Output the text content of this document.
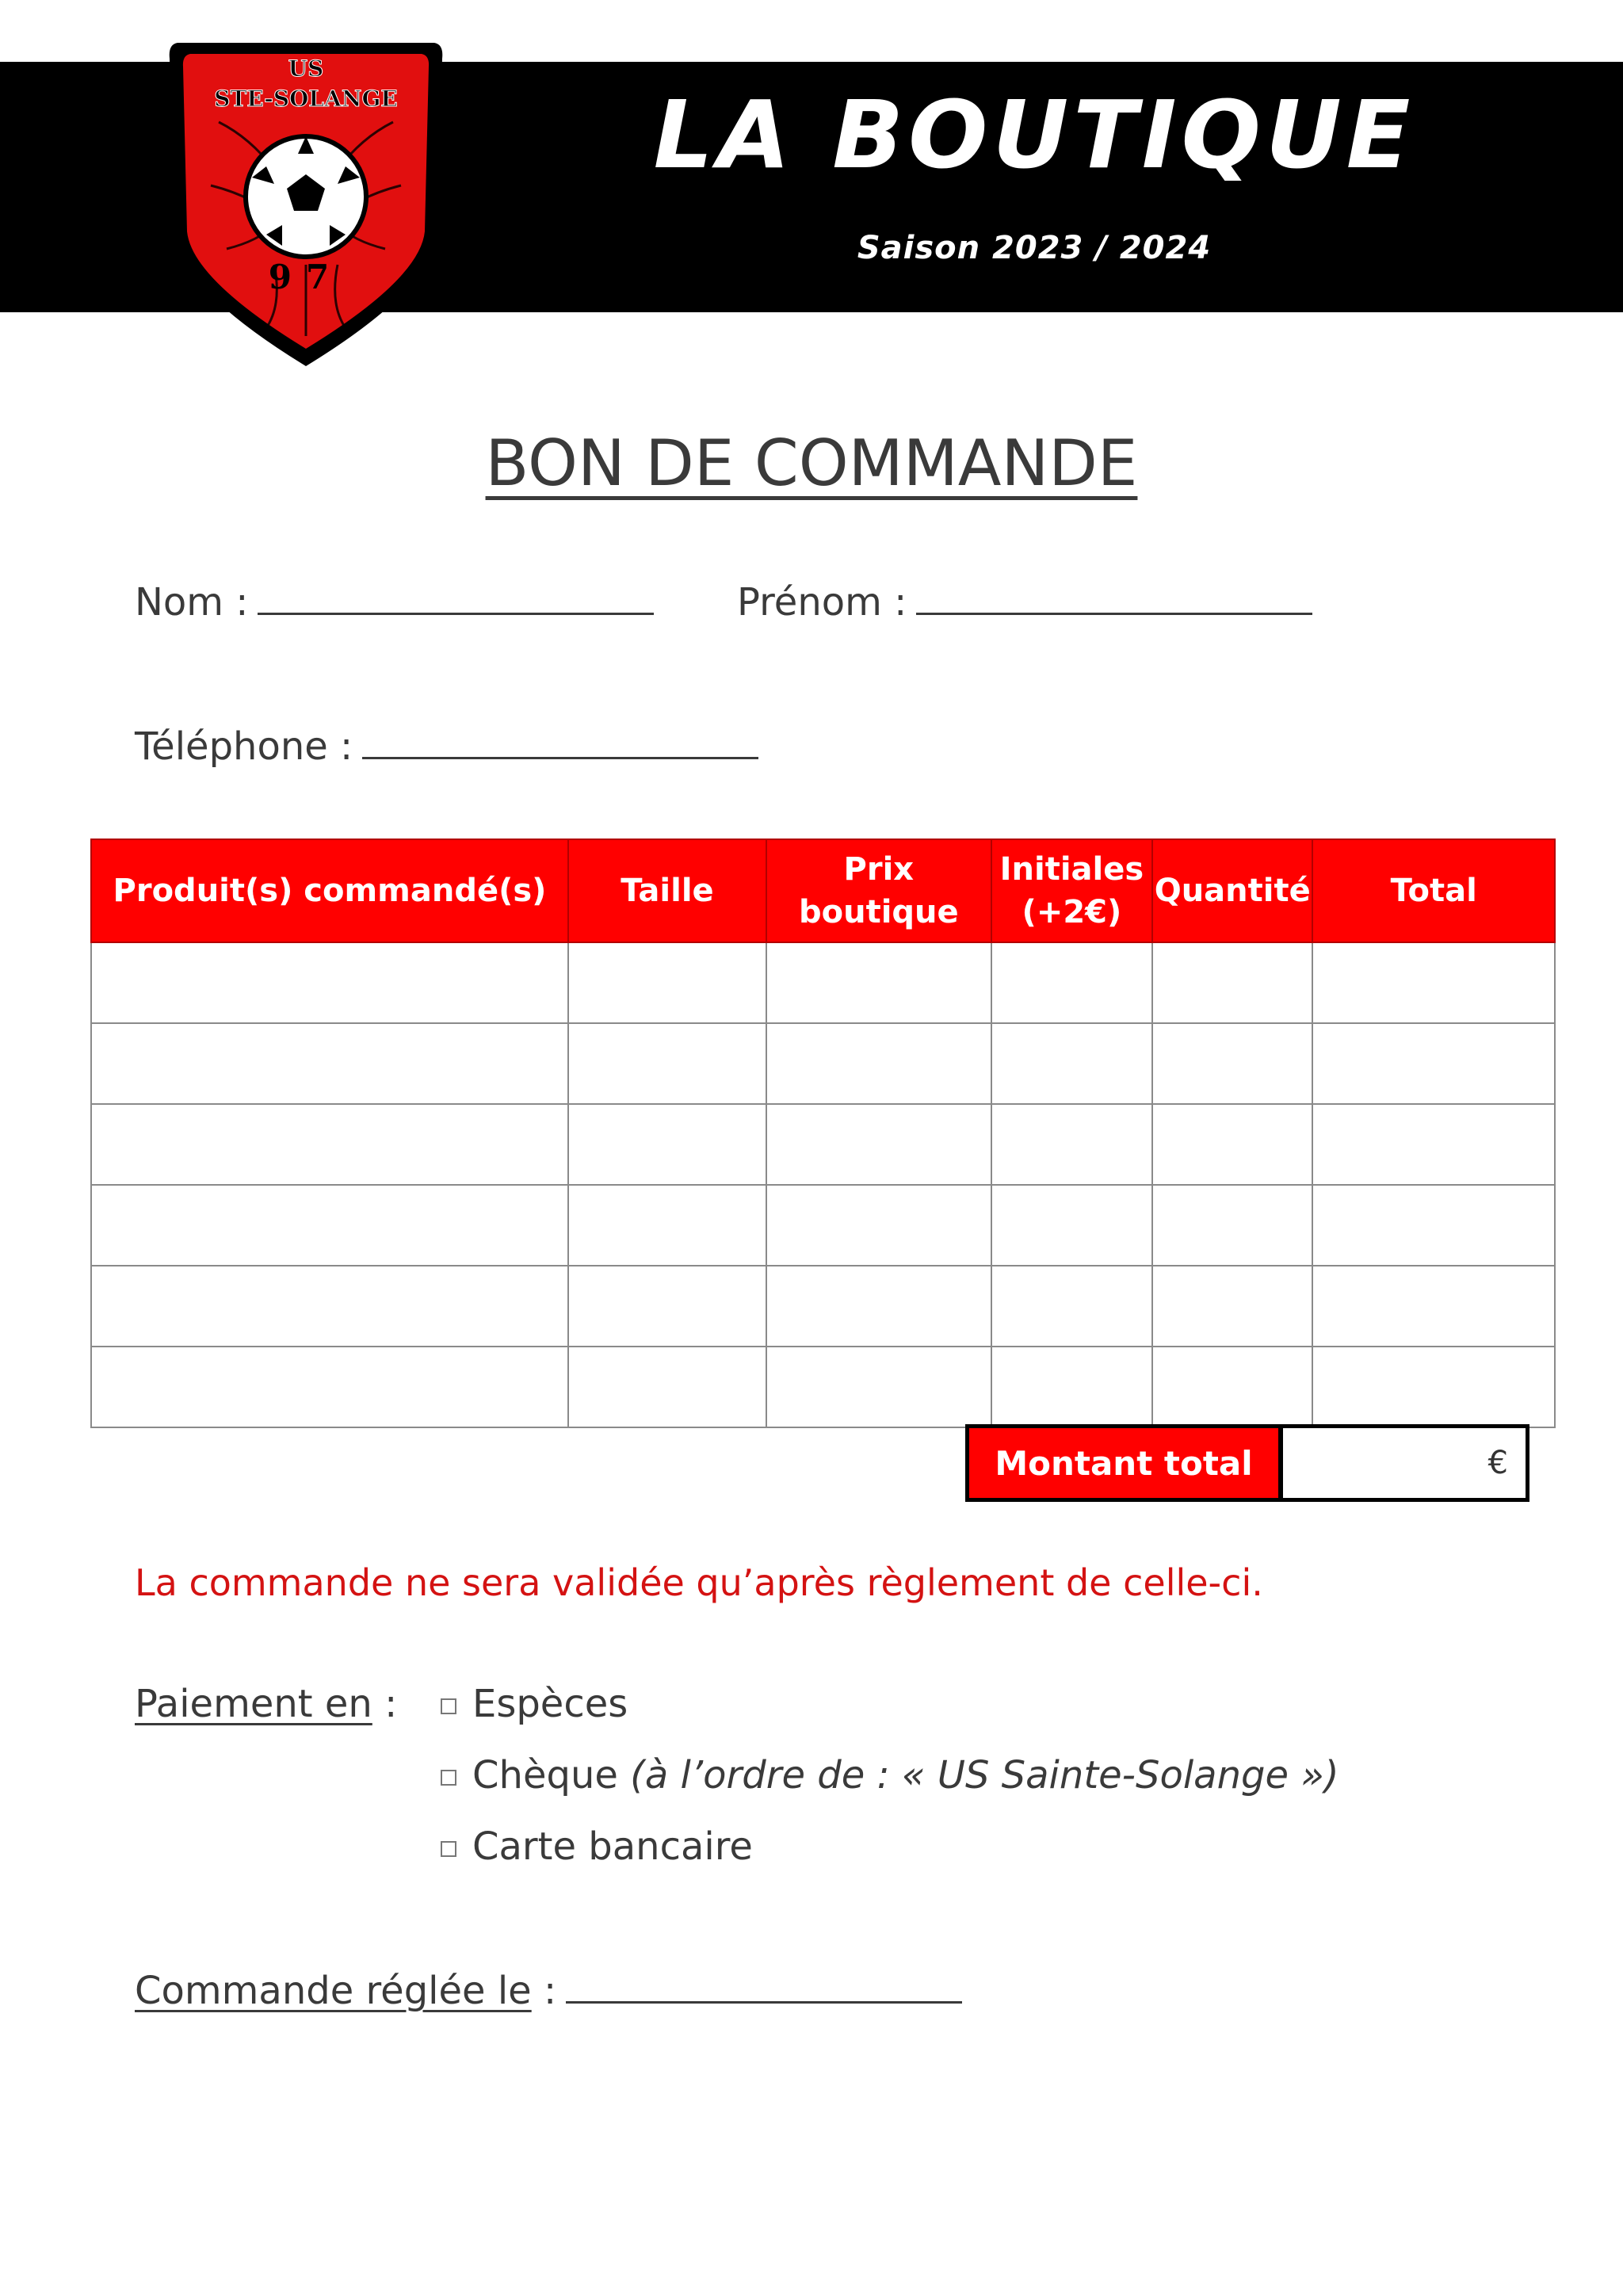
US
STE-SOLANGE
97
LA BOUTIQUE
Saison 2023 / 2024
BON DE COMMANDE
Nom :	Prénom :
Téléphone :
Produit(s) commandé(s)	Taille	Prix boutique	Initiales (+2€)	Quantité	Total

Montant total	€
La commande ne sera validée qu’après règlement de celle-ci.
Paiement en :	Espèces
Chèque (à l’ordre de : « US Sainte-Solange »)
Carte bancaire
Commande réglée le :
